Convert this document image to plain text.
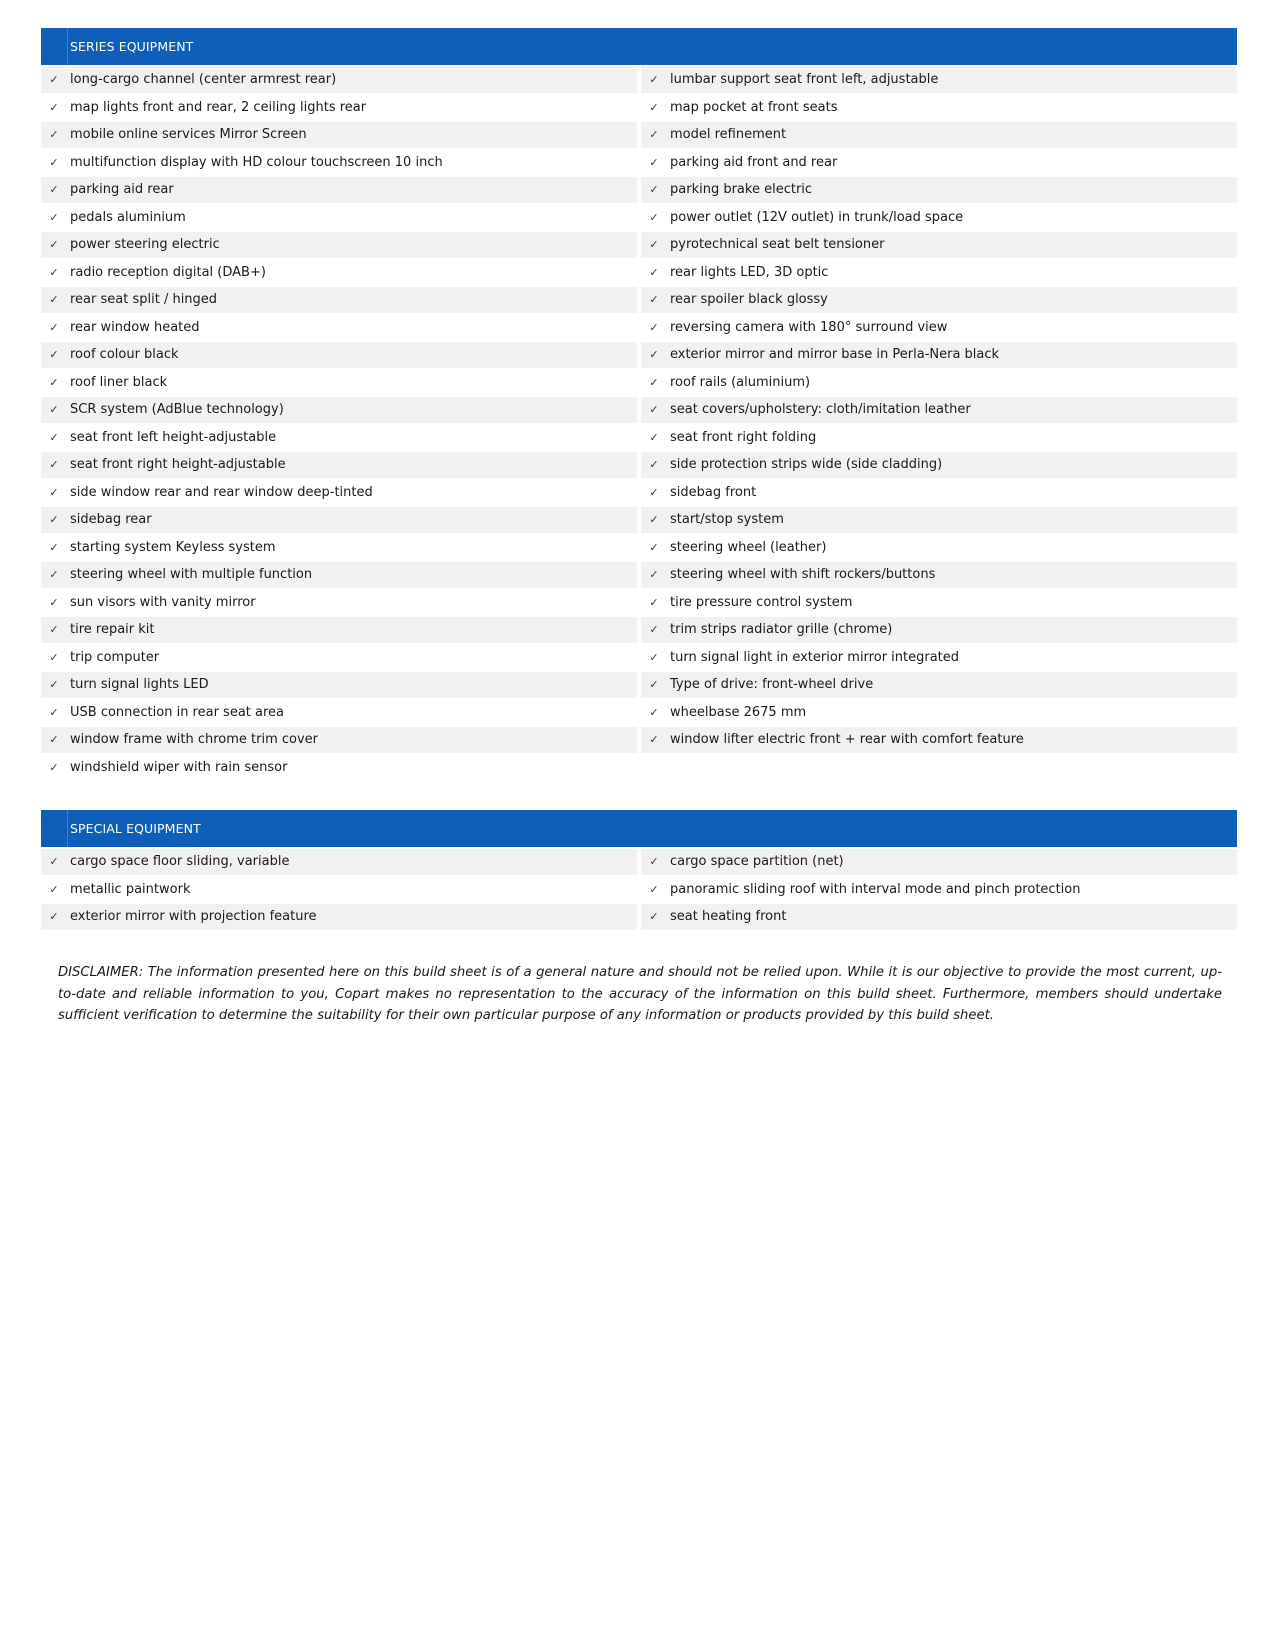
SERIES EQUIPMENT
✓ long-cargo channel (center armrest rear)	✓ lumbar support seat front left, adjustable
✓ map lights front and rear, 2 ceiling lights rear	✓ map pocket at front seats
✓ mobile online services Mirror Screen	✓ model refinement
✓ multifunction display with HD colour touchscreen 10 inch	✓ parking aid front and rear
✓ parking aid rear	✓ parking brake electric
✓ pedals aluminium	✓ power outlet (12V outlet) in trunk/load space
✓ power steering electric	✓ pyrotechnical seat belt tensioner
✓ radio reception digital (DAB+)	✓ rear lights LED, 3D optic
✓ rear seat split / hinged	✓ rear spoiler black glossy
✓ rear window heated	✓ reversing camera with 180° surround view
✓ roof colour black	✓ exterior mirror and mirror base in Perla-Nera black
✓ roof liner black	✓ roof rails (aluminium)
✓ SCR system (AdBlue technology)	✓ seat covers/upholstery: cloth/imitation leather
✓ seat front left height-adjustable	✓ seat front right folding
✓ seat front right height-adjustable	✓ side protection strips wide (side cladding)
✓ side window rear and rear window deep-tinted	✓ sidebag front
✓ sidebag rear	✓ start/stop system
✓ starting system Keyless system	✓ steering wheel (leather)
✓ steering wheel with multiple function	✓ steering wheel with shift rockers/buttons
✓ sun visors with vanity mirror	✓ tire pressure control system
✓ tire repair kit	✓ trim strips radiator grille (chrome)
✓ trip computer	✓ turn signal light in exterior mirror integrated
✓ turn signal lights LED	✓ Type of drive: front-wheel drive
✓ USB connection in rear seat area	✓ wheelbase 2675 mm
✓ window frame with chrome trim cover	✓ window lifter electric front + rear with comfort feature
✓ windshield wiper with rain sensor
SPECIAL EQUIPMENT
✓ cargo space floor sliding, variable	✓ cargo space partition (net)
✓ metallic paintwork	✓ panoramic sliding roof with interval mode and pinch protection
✓ exterior mirror with projection feature	✓ seat heating front
DISCLAIMER: The information presented here on this build sheet is of a general nature and should not be relied upon. While it is our objective to provide the most current, up-to-date and reliable information to you, Copart makes no representation to the accuracy of the information on this build sheet. Furthermore, members should undertake sufficient verification to determine the suitability for their own particular purpose of any information or products provided by this build sheet.
